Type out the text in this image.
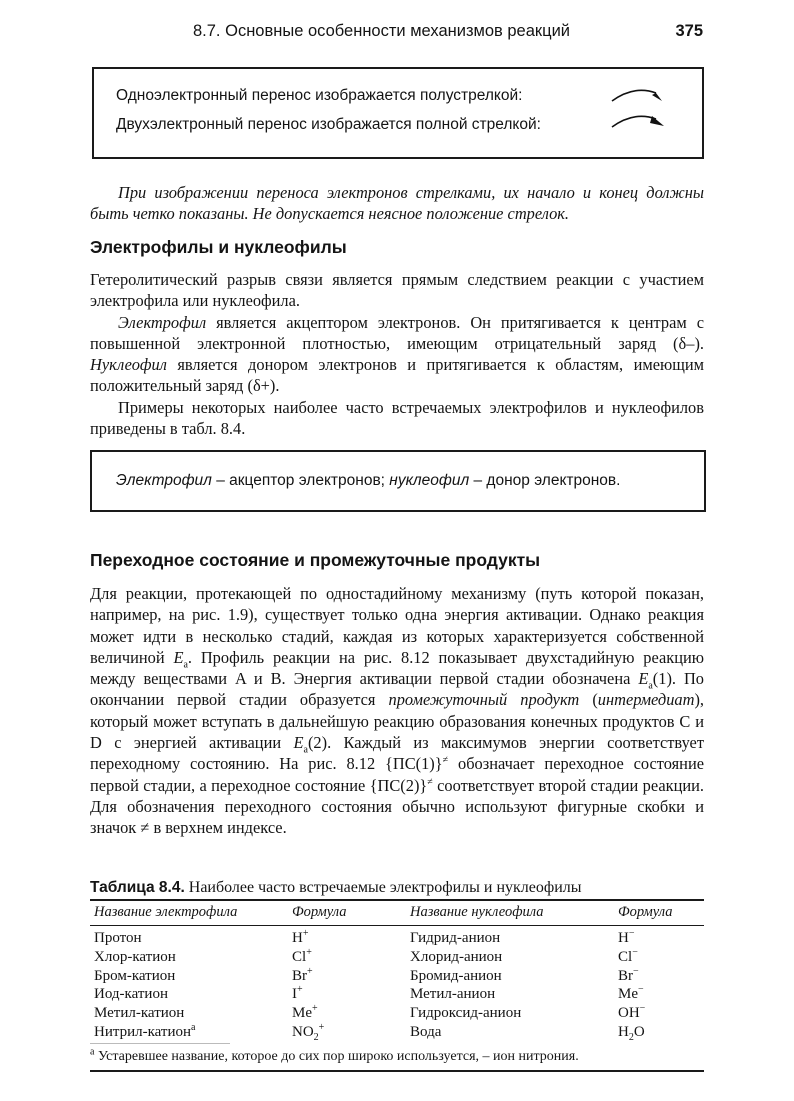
8.7. Основные особенности механизмов реакций	375
Одноэлектронный перенос изображается полустрелкой:
Двухэлектронный перенос изображается полной стрелкой:

При изображении переноса электронов стрелками, их начало и конец должны быть четко показаны. Не допускается неясное положение стрелок.

Электрофилы и нуклеофилы

Гетеролитический разрыв связи является прямым следствием реакции с участием электрофила или нуклеофила.

Электрофил является акцептором электронов. Он притягивается к центрам с повышенной электронной плотностью, имеющим отрицательный заряд (δ–). Нуклеофил является донором электронов и притягивается к областям, имеющим положительный заряд (δ+).

Примеры некоторых наиболее часто встречаемых электрофилов и нуклеофилов приведены в табл. 8.4.

Электрофил – акцептор электронов; нуклеофил – донор электронов.
Переходное состояние и промежуточные продукты

Для реакции, протекающей по одностадийному механизму (путь которой показан, например, на рис. 1.9), существует только одна энергия активации. Однако реакция может идти в несколько стадий, каждая из которых характеризуется собственной величиной $E_a$. Профиль реакции на рис. 8.12 показывает двухстадийную реакцию между веществами A и B. Энергия активации первой стадии обозначена $E_a(1)$. По окончании первой стадии образуется промежуточный продукт (интермедиат), который может вступать в дальнейшую реакцию образования конечных продуктов C и D с энергией активации $E_a(2)$. Каждый из максимумов энергии соответствует переходному состоянию. На рис. 8.12 {ПС(1)}≠ обозначает переходное состояние первой стадии, а переходное состояние {ПС(2)}≠ соответствует второй стадии реакции. Для обозначения переходного состояния обычно используют фигурные скобки и значок ≠ в верхнем индексе.

Таблица 8.4. Наиболее часто встречаемые электрофилы и нуклеофилы
Название электрофила	Формула	Название нуклеофила	Формула
Протон	H+	Гидрид-анион	H−
Хлор-катион	Cl+	Хлорид-анион	Cl−
Бром-катион	Br+	Бромид-анион	Br−
Иод-катион	I+	Метил-анион	Me−
Метил-катион	Me+	Гидроксид-анион	OH−
Нитрил-катион$^a$	$NO_2^+$	Вода	$H_2O$
$^a$ Устаревшее название, которое до сих пор широко используется, – ион нитрония.
